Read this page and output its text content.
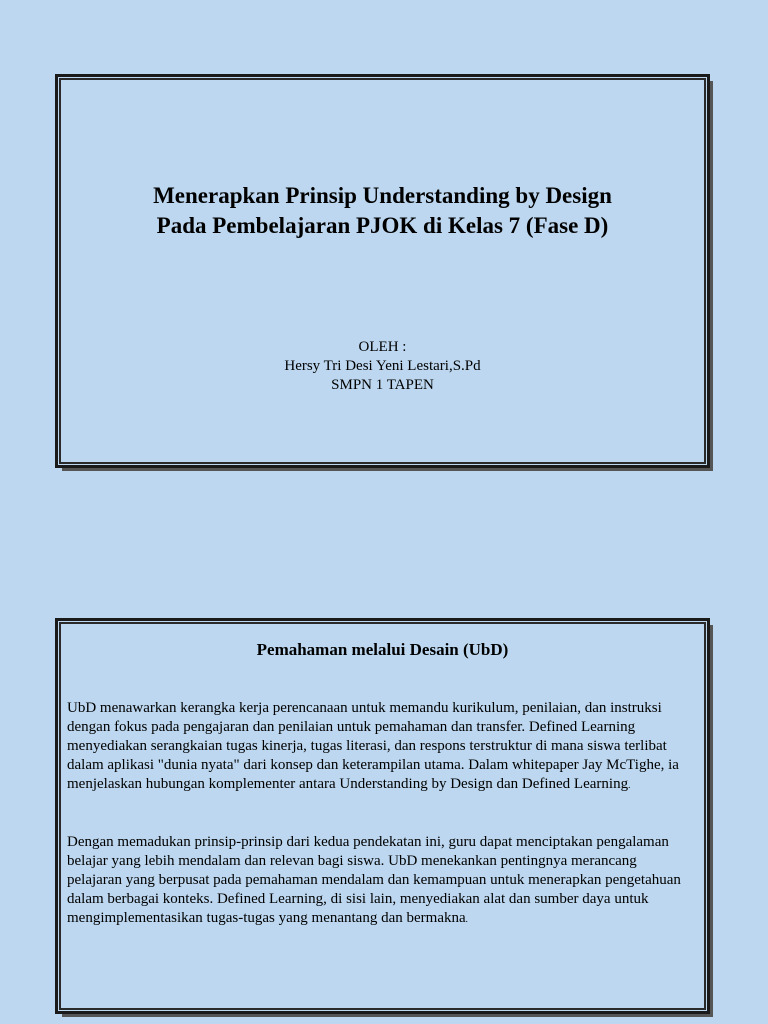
Menerapkan Prinsip Understanding by Design
Pada Pembelajaran PJOK di Kelas 7 (Fase D)
OLEH :
Hersy Tri Desi Yeni Lestari,S.Pd
SMPN 1 TAPEN
Pemahaman melalui Desain (UbD)
UbD menawarkan kerangka kerja perencanaan untuk memandu kurikulum, penilaian, dan instruksi dengan fokus pada pengajaran dan penilaian untuk pemahaman dan transfer. Defined Learning menyediakan serangkaian tugas kinerja, tugas literasi, dan respons terstruktur di mana siswa terlibat dalam aplikasi "dunia nyata" dari konsep dan keterampilan utama. Dalam whitepaper Jay McTighe, ia menjelaskan hubungan komplementer antara Understanding by Design dan Defined Learning.
Dengan memadukan prinsip-prinsip dari kedua pendekatan ini, guru dapat menciptakan pengalaman belajar yang lebih mendalam dan relevan bagi siswa. UbD menekankan pentingnya merancang pelajaran yang berpusat pada pemahaman mendalam dan kemampuan untuk menerapkan pengetahuan dalam berbagai konteks. Defined Learning, di sisi lain, menyediakan alat dan sumber daya untuk mengimplementasikan tugas-tugas yang menantang dan bermakna.
